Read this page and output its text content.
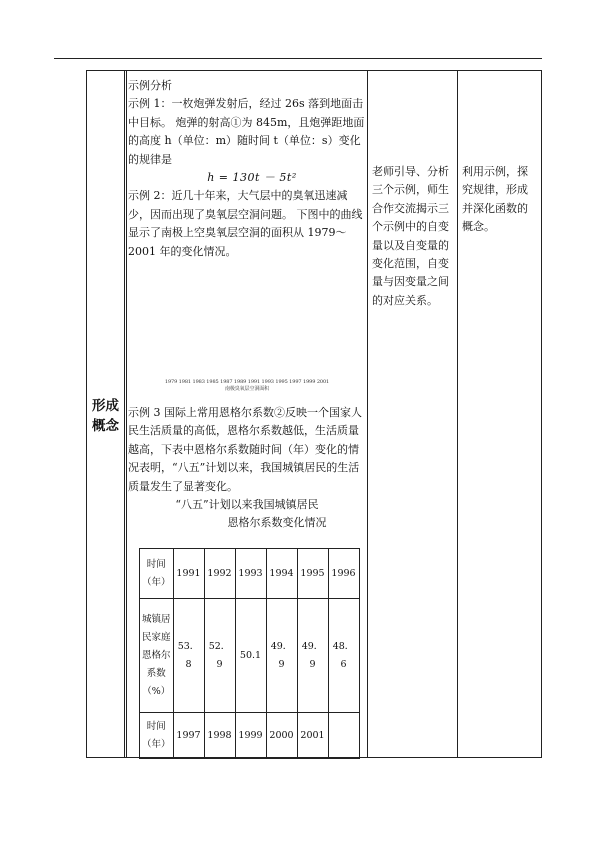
形成
概念

示例分析

示例 1：一枚炮弹发射后，经过 26s 落到地面击中目标。 炮弹的射高①为 845m，且炮弹距地面的高度 h（单位：m）随时间 t（单位：s）变化的规律是

h = 130t － 5t²

示例 2：近几十年来，大气层中的臭氧迅速减少，因而出现了臭氧层空洞问题。 下图中的曲线显示了南极上空臭氧层空洞的面积从 1979～2001 年的变化情况。

1979 1981 1983 1985 1987 1989 1991 1993 1995 1997 1999 2001
南极臭氧层空洞面积

示例 3 国际上常用恩格尔系数②反映一个国家人民生活质量的高低，恩格尔系数越低，生活质量越高，下表中恩格尔系数随时间（年）变化的情况表明，“八五”计划以来，我国城镇居民的生活质量发生了显著变化。

“八五”计划以来我国城镇居民

恩格尔系数变化情况

时间（年）	1991	1992	1993	1994	1995	1996
城镇居民家庭恩格尔系数（%）	53．8	52．9	50.1	49．9	49．9	48．6
时间（年）	1997	1998	1999	2000	2001	

老师引导、分析三个示例，师生合作交流揭示三个示例中的自变量以及自变量的变化范围，自变量与因变量之间的对应关系。

利用示例，探究规律，形成并深化函数的概念。
